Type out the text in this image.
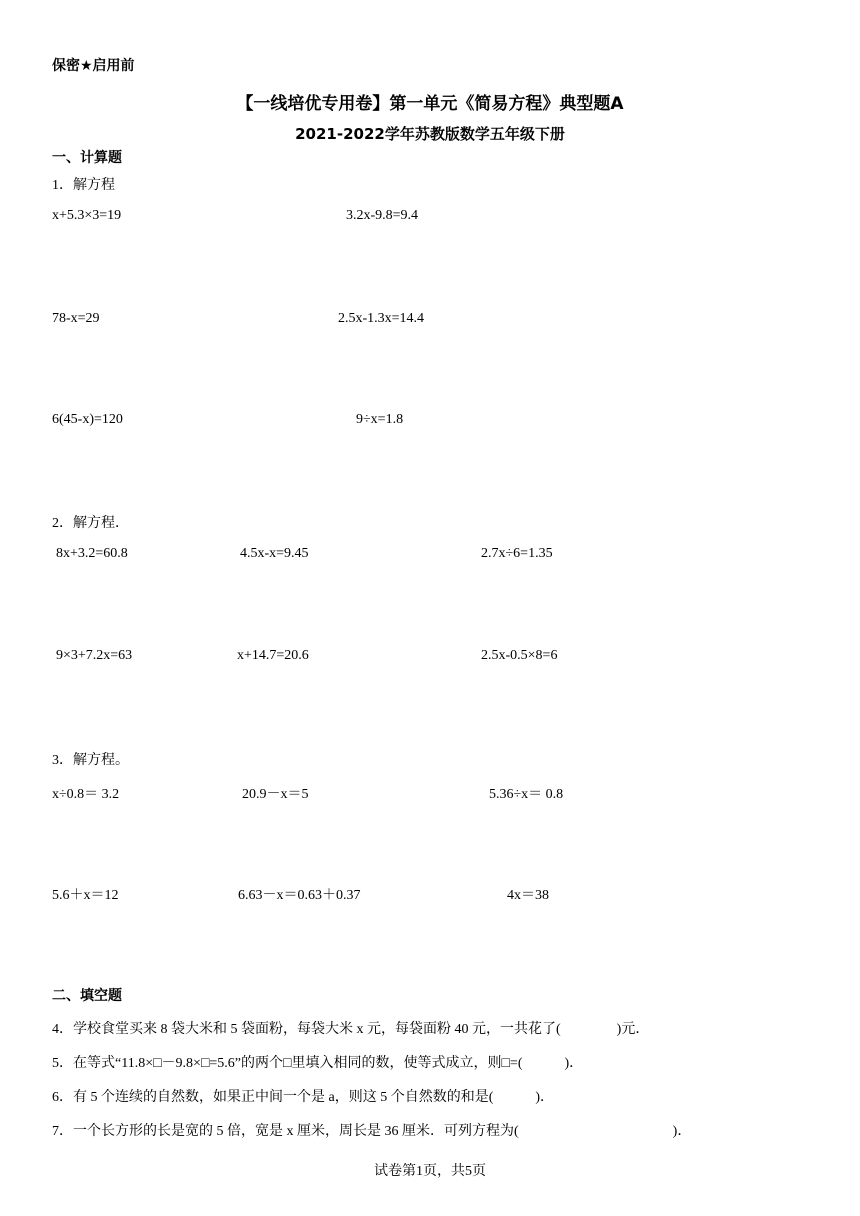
保密★启用前
【一线培优专用卷】第一单元《简易方程》典型题A
2021-2022学年苏教版数学五年级下册
一、计算题
1．解方程
x+5.3×3=19	3.2x-9.8=9.4
78-x=29	2.5x-1.3x=14.4
6(45-x)=120	9÷x=1.8
2．解方程．
8x+3.2=60.8	4.5x-x=9.45	2.7x÷6=1.35
9×3+7.2x=63	x+14.7=20.6	2.5x-0.5×8=6
3．解方程。
x÷0.8＝ 3.2	20.9－x＝5	5.36÷x＝ 0.8
5.6＋x＝12	6.63－x＝0.63＋0.37	4x＝38
二、填空题
4．学校食堂买来 8 袋大米和 5 袋面粉，每袋大米 x 元，每袋面粉 40 元，一共花了(　　　　)元．
5．在等式“11.8×□－9.8×□=5.6”的两个□里填入相同的数，使等式成立，则□=(　　　)．
6．有 5 个连续的自然数，如果正中间一个是 a，则这 5 个自然数的和是(　　　)．
7．一个长方形的长是宽的 5 倍，宽是 x 厘米，周长是 36 厘米．可列方程为(　　　　　　　　　　　)．
试卷第1页，共5页
